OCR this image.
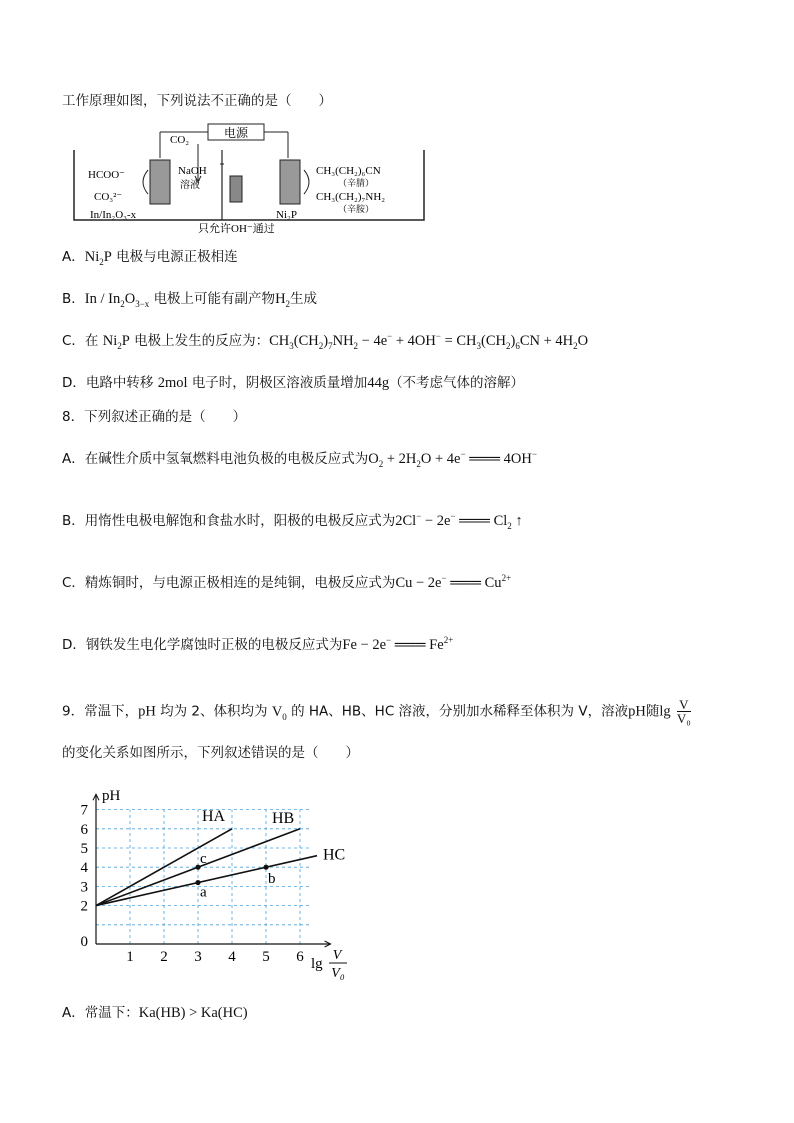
工作原理如图，下列说法不正确的是（　　）
电源
CO₂
HCOO⁻
CO₃²⁻
In/In₂O₃-x
NaOH
溶液
CH₃(CH₂)₆CN
（辛腈）
CH₃(CH₂)₇NH₂
（辛胺）
Ni₂P
只允许OH⁻通过
A．$Ni_2P$ 电极与电源正极相连
B．In / $In_2O_{3-x}$ 电极上可能有副产物$H_2$生成
C．在 $Ni_2P$ 电极上发生的反应为：$CH_3(CH_2)_7NH_2 - 4e^- + 4OH^- = CH_3(CH_2)_6CN + 4H_2O$
D．电路中转移 2mol 电子时，阴极区溶液质量增加44g（不考虑气体的溶解）
8．下列叙述正确的是（　　）
A．在碱性介质中氢氧燃料电池负极的电极反应式为$O_2 + 2H_2O + 4e^-$ ═══ 4OH−
B．用惰性电极电解饱和食盐水时，阳极的电极反应式为2Cl− − 2e− ═══ $Cl_2$ ↑
C．精炼铜时，与电源正极相连的是纯铜，电极反应式为Cu − 2e− ═══ $Cu^{2+}$
D．钢铁发生电化学腐蚀时正极的电极反应式为Fe − 2e− ═══ $Fe^{2+}$
9．常温下，pH 均为 2、体积均为 $V_0$ 的 HA、HB、HC 溶液，分别加水稀释至体积为 V，溶液pH随$\lg \frac{V}{\text{V₀}}$
的变化关系如图所示，下列叙述错误的是（　　）
1 2 3 4 5 6
0
2
3
4
5
6
7
pH
lg
V
V₀
HA	HB
HC
a
b
c
A．常温下：Ka(HB) > Ka(HC)
